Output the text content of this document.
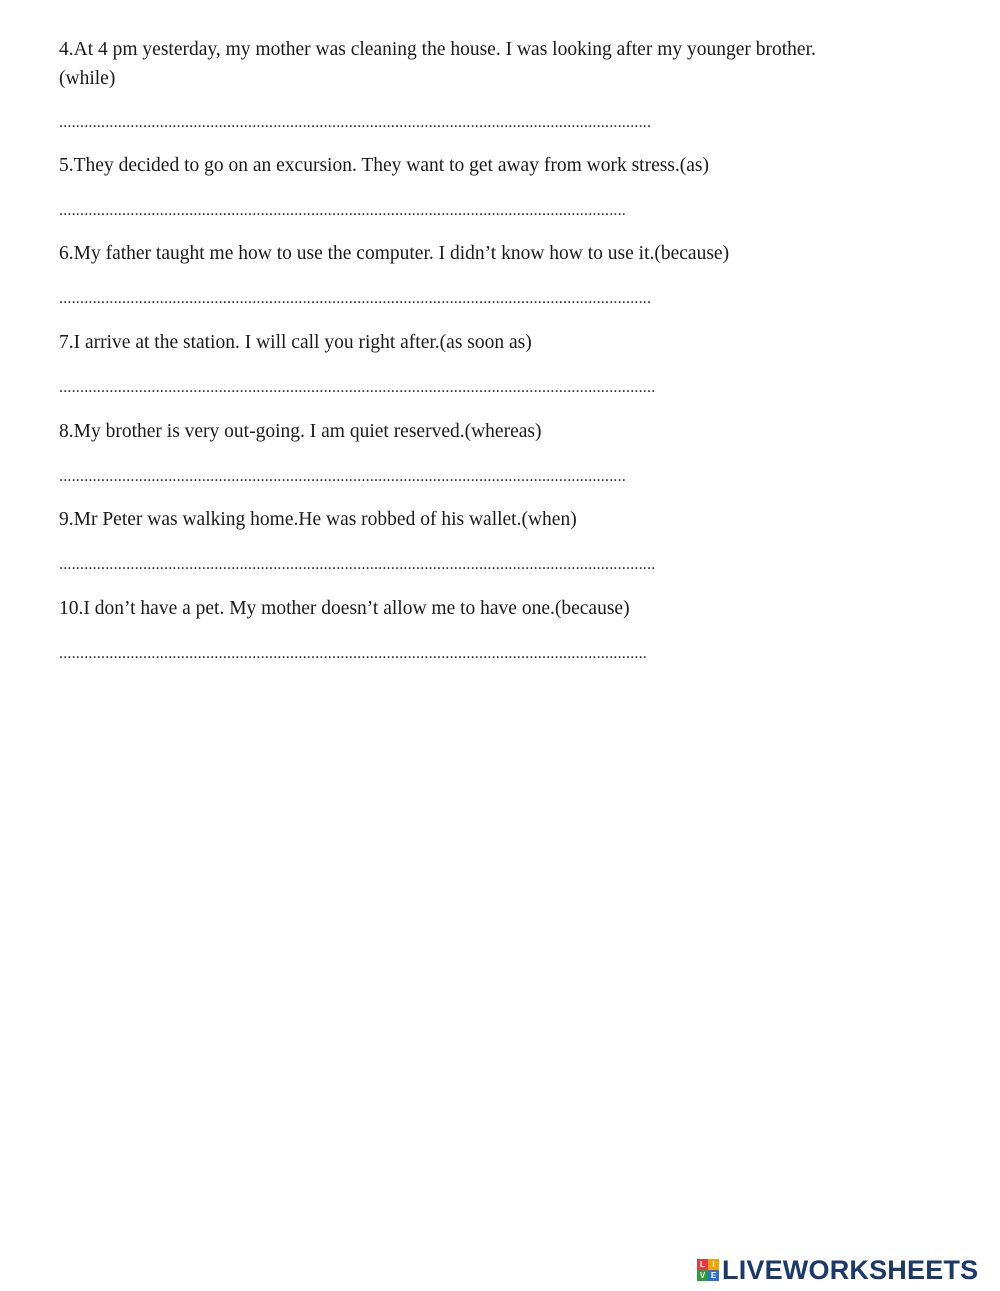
4.At 4 pm yesterday, my mother was cleaning the house. I was looking after my younger brother.(while)

.............................................................................................................................................

5.They decided to go on an excursion. They want to get away from work stress.(as)

.......................................................................................................................................

6.My father taught me how to use the computer. I didn’t know how to use it.(because)

.............................................................................................................................................

7.I arrive at the station. I will call you right after.(as soon as)

..............................................................................................................................................

8.My brother is very out-going. I am quiet reserved.(whereas)

.......................................................................................................................................

9.Mr Peter was walking home.He was robbed of his wallet.(when)

..............................................................................................................................................

10.I don’t have a pet. My mother doesn’t allow me to have one.(because)

............................................................................................................................................
L I
V E LIVEWORKSHEETS
